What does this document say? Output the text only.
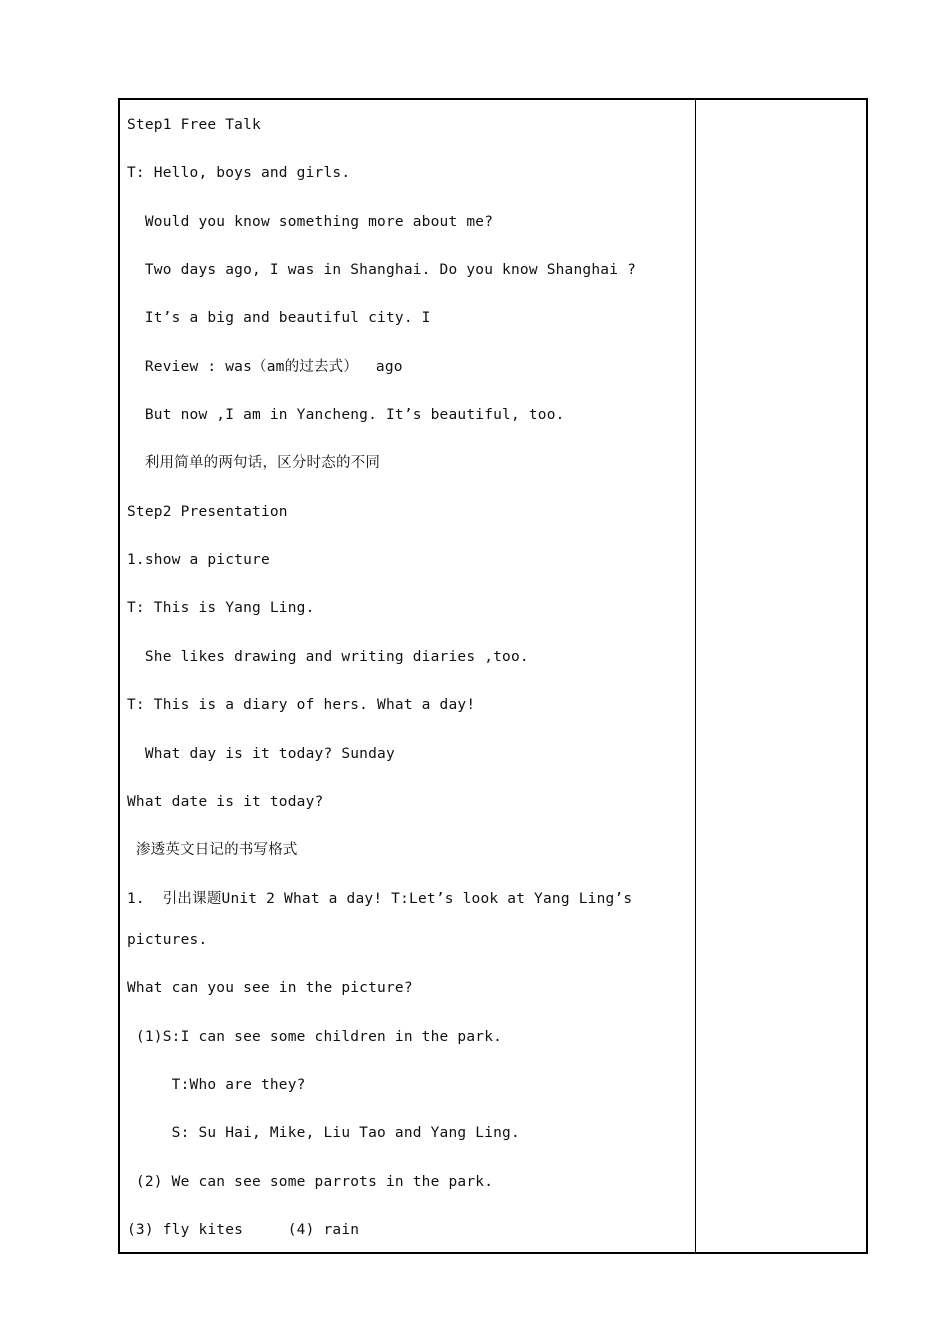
Step1 Free Talk
T: Hello, boys and girls.
Would you know something more about me?
Two days ago, I was in Shanghai. Do you know Shanghai ?
It’s a big and beautiful city. I
Review : was（am的过去式）  ago
But now ,I am in Yancheng. It’s beautiful, too.
利用简单的两句话，区分时态的不同
Step2 Presentation
1.show a picture
T: This is Yang Ling.
She likes drawing and writing diaries ,too.
T: This is a diary of hers. What a day!
What day is it today? Sunday
What date is it today?
渗透英文日记的书写格式
1.  引出课题Unit 2 What a day! T:Let’s look at Yang Ling’s
pictures.
What can you see in the picture?
(1)S:I can see some children in the park.
T:Who are they?
S: Su Hai, Mike, Liu Tao and Yang Ling.
(2) We can see some parrots in the park.
(3) fly kites     (4) rain
